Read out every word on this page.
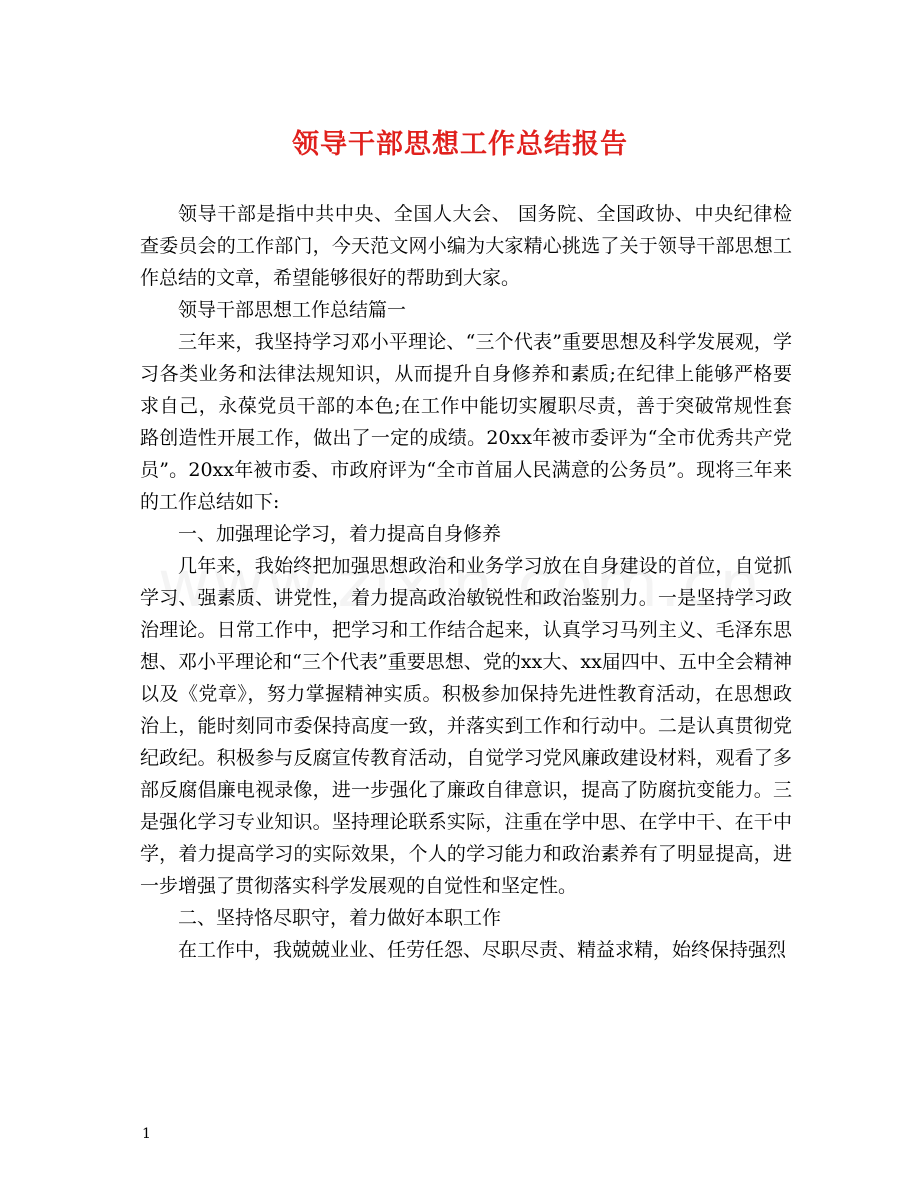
领导干部思想工作总结报告

领导干部是指中共中央、全国人大会、 国务院、全国政协、中央纪律检查委员会的工作部门，今天范文网小编为大家精心挑选了关于领导干部思想工作总结的文章，希望能够很好的帮助到大家。

领导干部思想工作总结篇一

三年来，我坚持学习邓小平理论、“三个代表”重要思想及科学发展观，学习各类业务和法律法规知识，从而提升自身修养和素质;在纪律上能够严格要求自己，永葆党员干部的本色;在工作中能切实履职尽责，善于突破常规性套路创造性开展工作，做出了一定的成绩。20xx年被市委评为“全市优秀共产党员”。20xx年被市委、市政府评为“全市首届人民满意的公务员”。现将三年来的工作总结如下:

一、加强理论学习，着力提高自身修养

几年来，我始终把加强思想政治和业务学习放在自身建设的首位，自觉抓学习、强素质、讲党性，着力提高政治敏锐性和政治鉴别力。一是坚持学习政治理论。日常工作中，把学习和工作结合起来，认真学习马列主义、毛泽东思想、邓小平理论和“三个代表”重要思想、党的xx大、xx届四中、五中全会精神以及《党章》，努力掌握精神实质。积极参加保持先进性教育活动，在思想政治上，能时刻同市委保持高度一致，并落实到工作和行动中。二是认真贯彻党纪政纪。积极参与反腐宣传教育活动，自觉学习党风廉政建设材料，观看了多部反腐倡廉电视录像，进一步强化了廉政自律意识，提高了防腐抗变能力。三是强化学习专业知识。坚持理论联系实际，注重在学中思、在学中干、在干中学，着力提高学习的实际效果，个人的学习能力和政治素养有了明显提高，进一步增强了贯彻落实科学发展观的自觉性和坚定性。

二、坚持恪尽职守，着力做好本职工作

在工作中，我兢兢业业、任劳任怨、尽职尽责、精益求精，始终保持强烈

1
